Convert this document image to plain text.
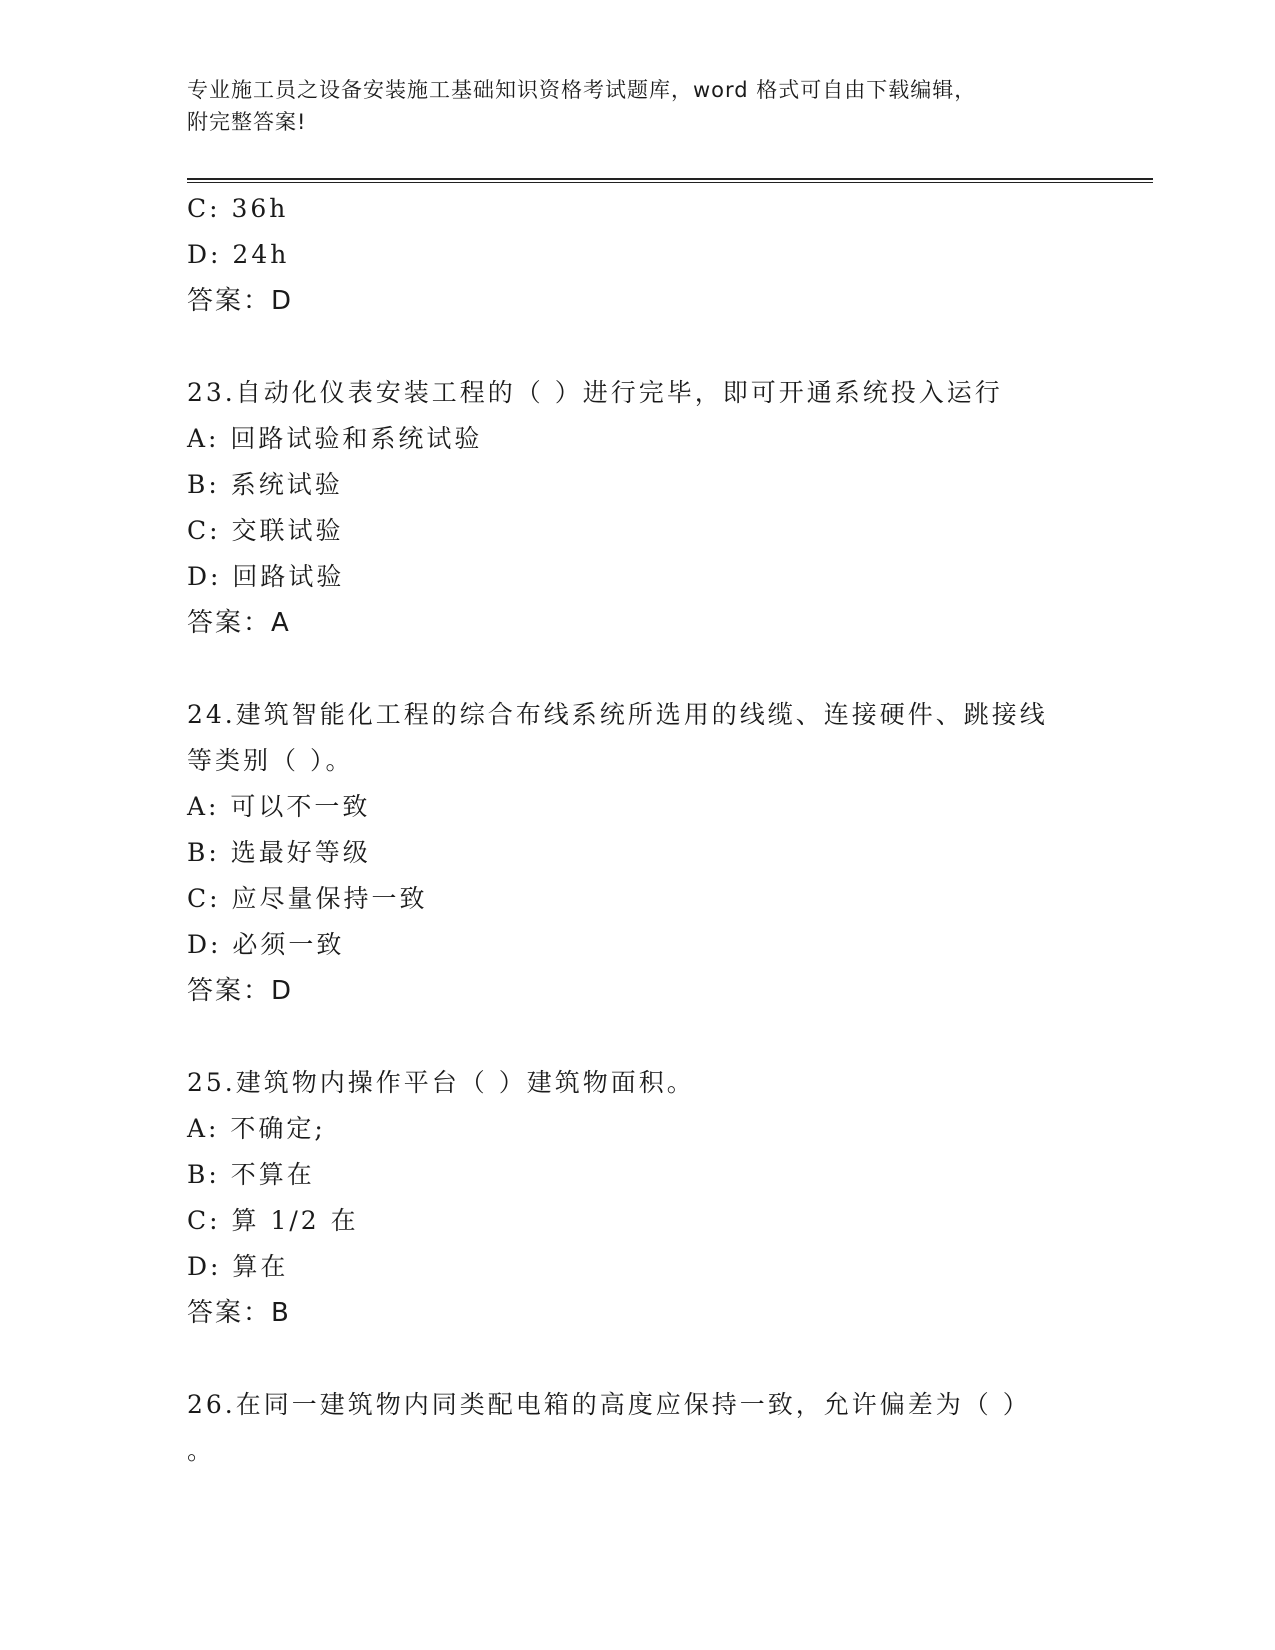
专业施工员之设备安装施工基础知识资格考试题库，word 格式可自由下载编辑，
附完整答案!
C: 36h
D: 24h
答案：D
23.自动化仪表安装工程的（ ）进行完毕，即可开通系统投入运行
A: 回路试验和系统试验
B: 系统试验
C: 交联试验
D: 回路试验
答案：A
24.建筑智能化工程的综合布线系统所选用的线缆、连接硬件、跳接线
等类别（ ）。
A: 可以不一致
B: 选最好等级
C: 应尽量保持一致
D: 必须一致
答案：D
25.建筑物内操作平台（ ）建筑物面积。
A: 不确定;
B: 不算在
C: 算 1/2 在
D: 算在
答案：B
26.在同一建筑物内同类配电箱的高度应保持一致，允许偏差为（ ）
。
